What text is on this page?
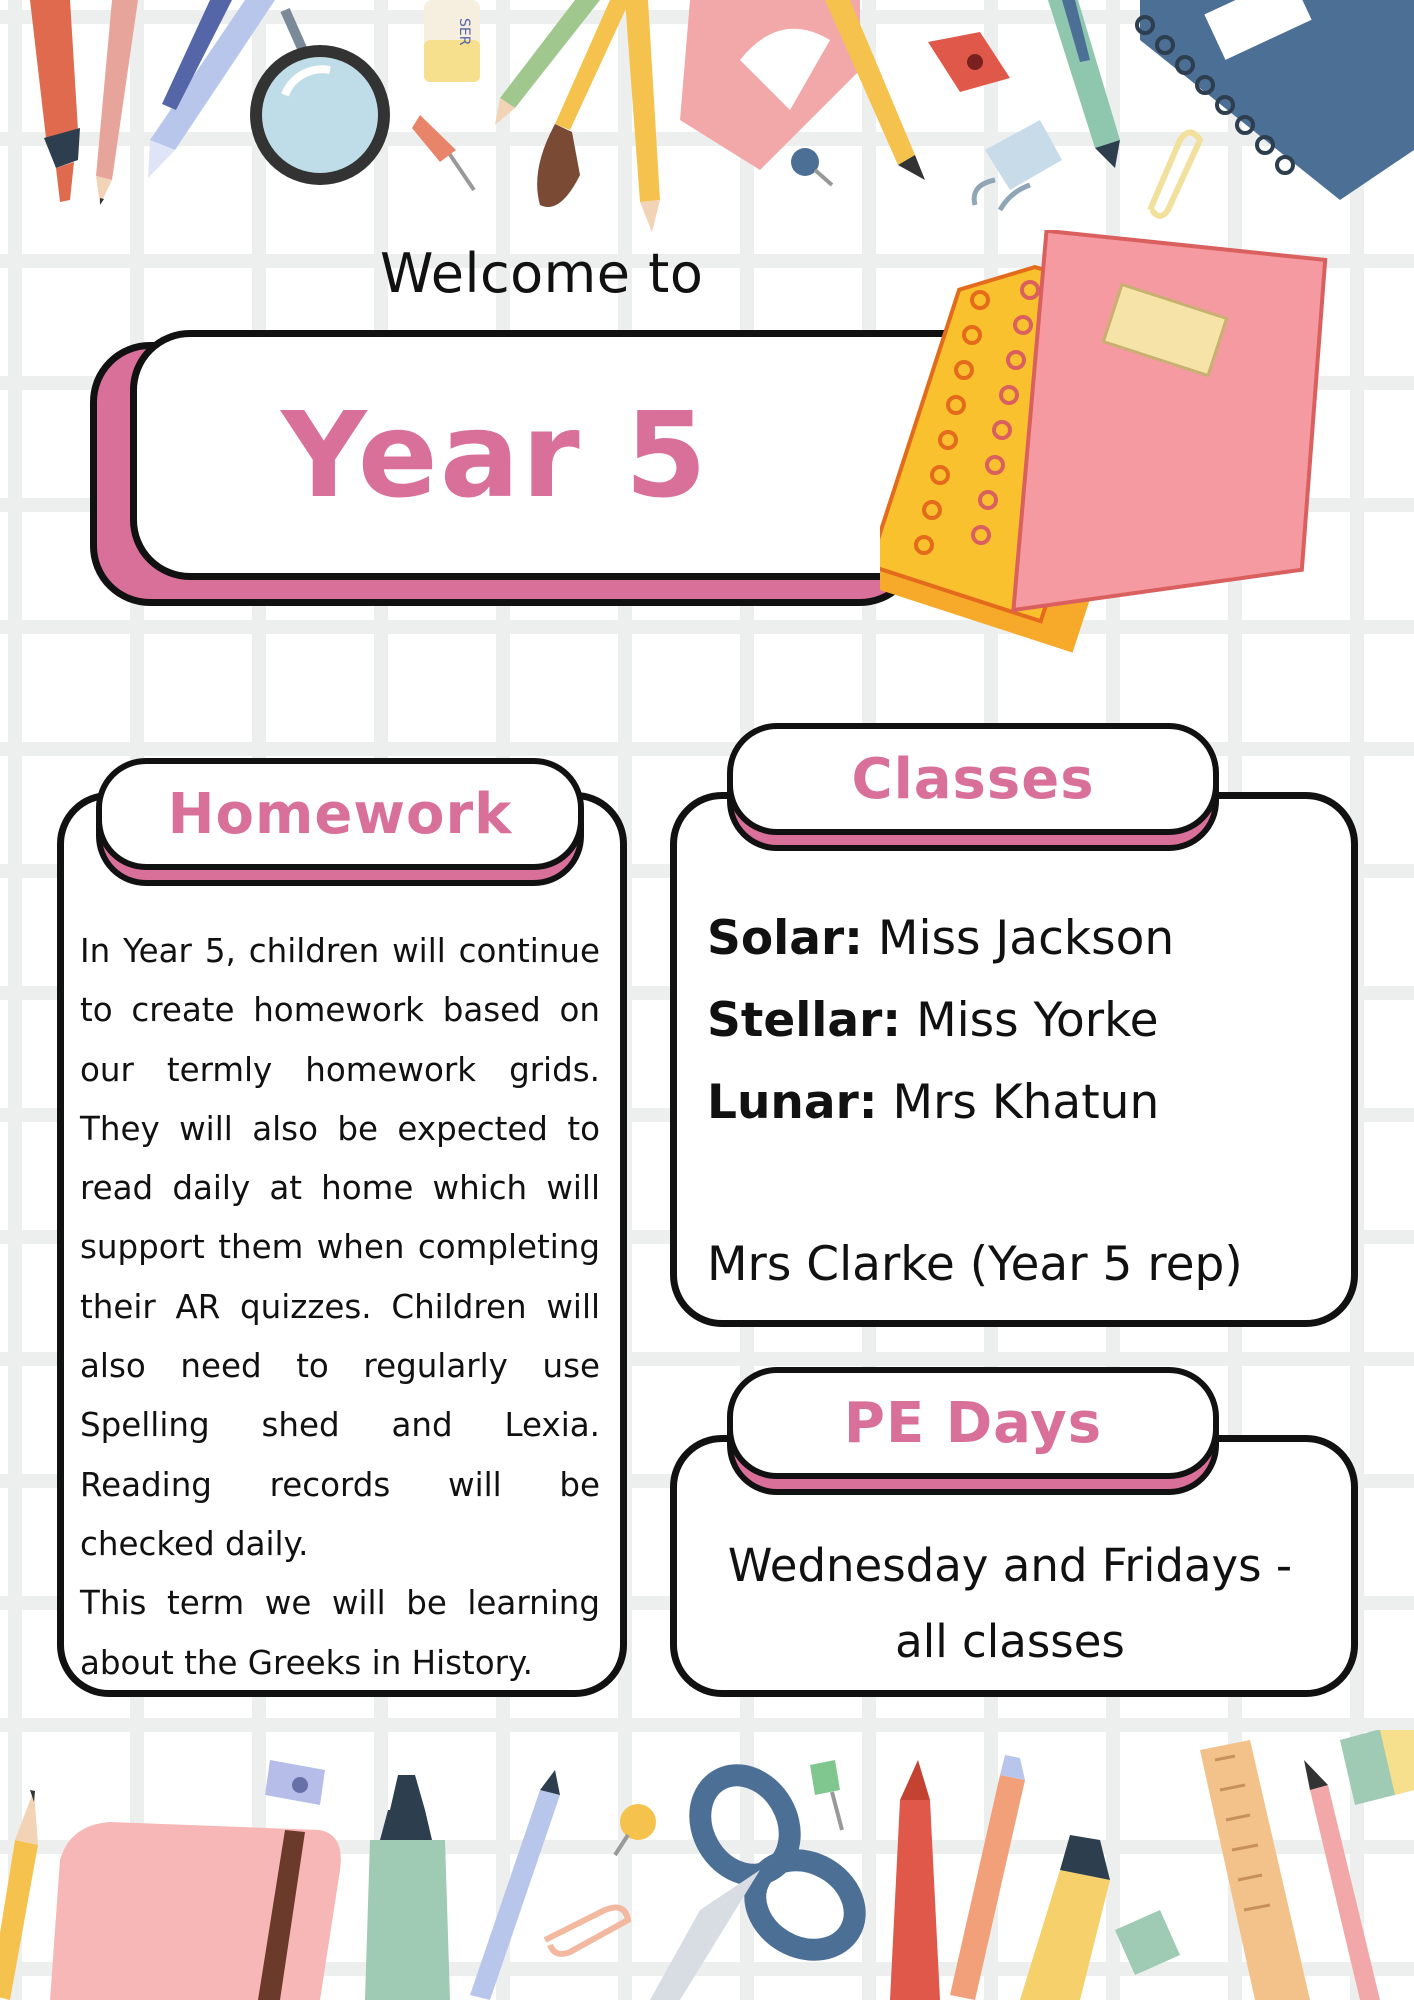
SER
Welcome to
Year 5
Homework
In Year 5, children will continue to create homework based on our termly homework grids. They will also be expected to read daily at home which will support them when completing their AR quizzes. Children will also need to regularly use Spelling shed and Lexia. Reading records will be checked daily.
This term we will be learning about the Greeks in History.
Classes
Solar: Miss Jackson
Stellar: Miss Yorke
Lunar: Mrs Khatun
Mrs Clarke (Year 5 rep)
PE Days
Wednesday and Fridays -
all classes
